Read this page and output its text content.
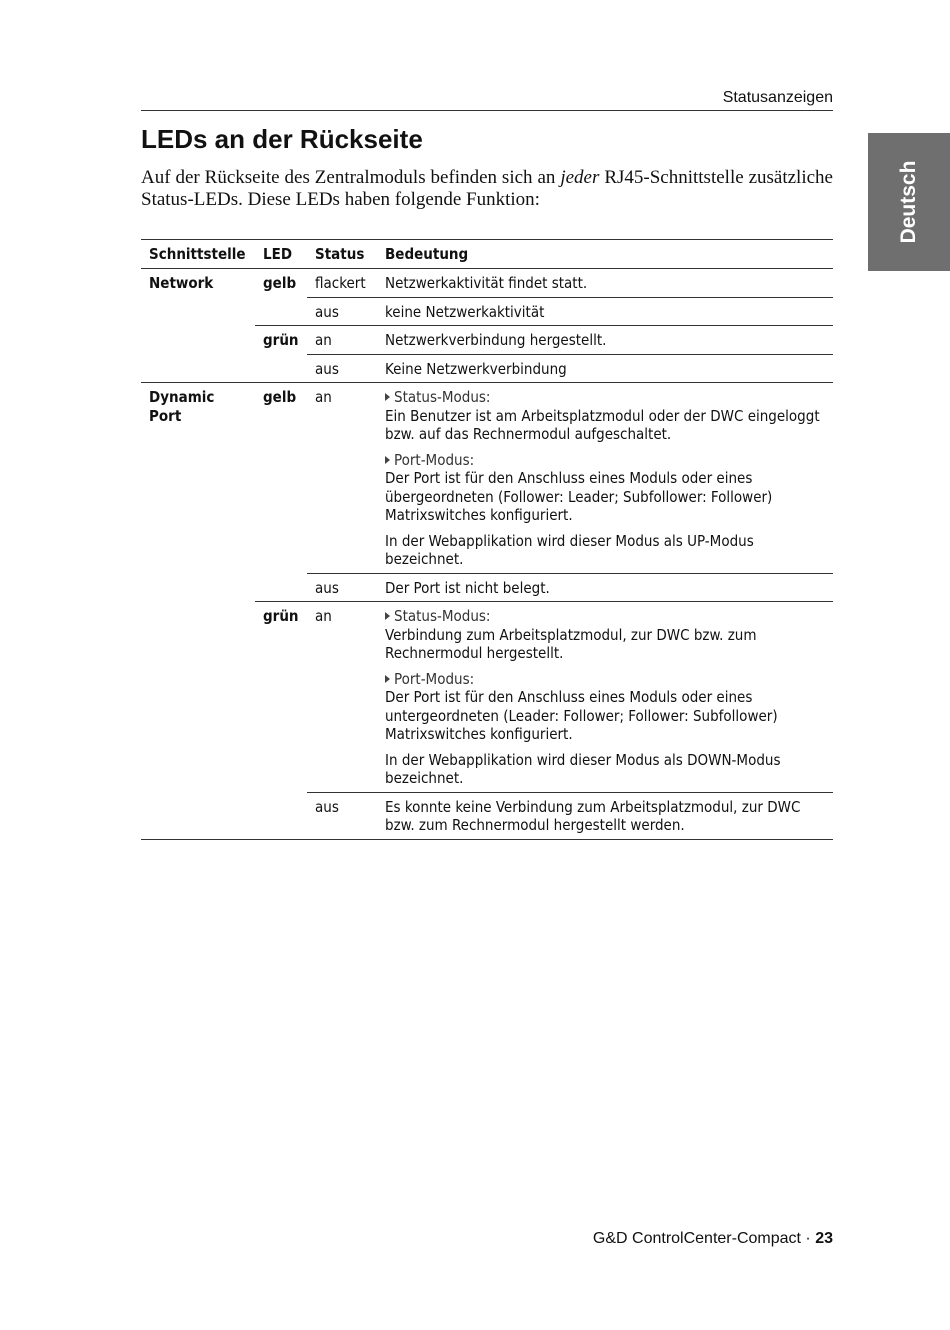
Statusanzeigen
Deutsch
LEDs an der Rückseite

Auf der Rückseite des Zentralmoduls befinden sich an jeder RJ45-Schnittstelle zusätzliche Status-LEDs. Diese LEDs haben folgende Funktion:

Schnittstelle	LED	Status	Bedeutung
Network	gelb	flackert	Netzwerkaktivität findet statt.
		aus	keine Netzwerkaktivität
	grün	an	Netzwerkverbindung hergestellt.
		aus	Keine Netzwerkverbindung
Dynamic Port	gelb	an	Status-Modus:
Ein Benutzer ist am Arbeitsplatzmodul oder der DWC eingeloggt bzw. auf das Rechnermodul aufgeschaltet.
Port-Modus:
Der Port ist für den Anschluss eines Moduls oder eines übergeordneten (Follower: Leader; Subfollower: Follower) Matrixswitches konfiguriert.
In der Webapplikation wird dieser Modus als UP-Modus bezeichnet.

		aus	Der Port ist nicht belegt.
	grün	an	Status-Modus:
Verbindung zum Arbeitsplatzmodul, zur DWC bzw. zum Rechnermodul hergestellt.
Port-Modus:
Der Port ist für den Anschluss eines Moduls oder eines untergeordneten (Leader: Follower; Follower: Subfollower) Matrixswitches konfiguriert.
In der Webapplikation wird dieser Modus als DOWN-Modus bezeichnet.

		aus	Es konnte keine Verbindung zum Arbeitsplatzmodul, zur DWC bzw. zum Rechnermodul hergestellt werden.
G&D ControlCenter-Compact · 23
